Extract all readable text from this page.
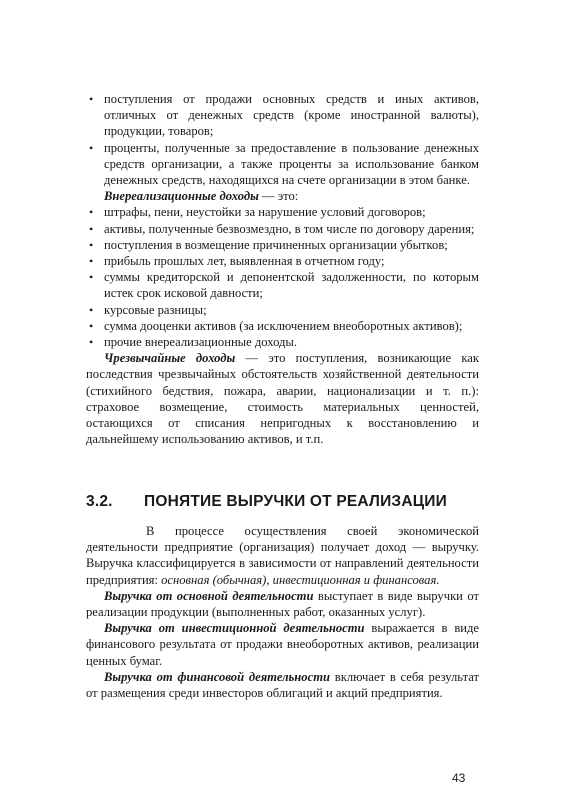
• поступления от продажи основных средств и иных активов, отличных от денежных средств (кроме иностранной валюты), продукции, товаров;

• проценты, полученные за предоставление в пользование денежных средств организации, а также проценты за использование банком денежных средств, находящихся на счете организации в этом банке.

Внереализационные доходы — это:

• штрафы, пени, неустойки за нарушение условий договоров;

• активы, полученные безвозмездно, в том числе по договору дарения;

• поступления в возмещение причиненных организации убытков;

• прибыль прошлых лет, выявленная в отчетном году;

• суммы кредиторской и депонентской задолженности, по которым истек срок исковой давности;

• курсовые разницы;

• сумма дооценки активов (за исключением внеоборотных активов);

• прочие внереализационные доходы.

Чрезвычайные доходы — это поступления, возникающие как последствия чрезвычайных обстоятельств хозяйственной деятельности (стихийного бедствия, пожара, аварии, национализации и т. п.): страховое возмещение, стоимость материальных ценностей, остающихся от списания непригодных к восстановлению и дальнейшему использованию активов, и т.п.

3.2. ПОНЯТИЕ ВЫРУЧКИ ОТ РЕАЛИЗАЦИИ

В процессе осуществления своей экономической деятельности предприятие (организация) получает доход — выручку. Выручка классифицируется в зависимости от направлений деятельности предприятия: основная (обычная), инвестиционная и финансовая.

Выручка от основной деятельности выступает в виде выручки от реализации продукции (выполненных работ, оказанных услуг).

Выручка от инвестиционной деятельности выражается в виде финансового результата от продажи внеоборотных активов, реализации ценных бумаг.

Выручка от финансовой деятельности включает в себя результат от размещения среди инвесторов облигаций и акций предприятия.

43
